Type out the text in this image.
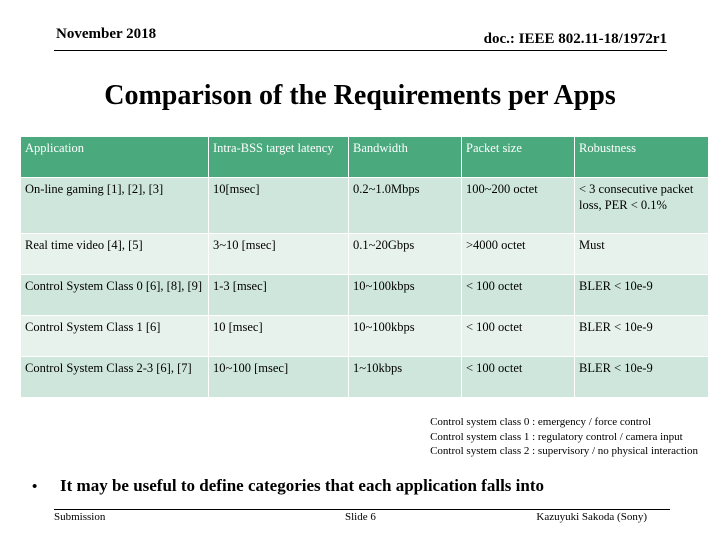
November 2018	doc.: IEEE 802.11-18/1972r1
Comparison of the Requirements per Apps
Application	Intra-BSS target latency	Bandwidth	Packet size	Robustness
On-line gaming [1], [2], [3]	10[msec]	0.2~1.0Mbps	100~200 octet	< 3 consecutive packet loss, PER < 0.1%
Real time video [4], [5]	3~10 [msec]	0.1~20Gbps	>4000 octet	Must
Control System Class 0 [6], [8], [9]	1-3 [msec]	10~100kbps	< 100 octet	BLER < 10e-9
Control System Class 1 [6]	10 [msec]	10~100kbps	< 100 octet	BLER < 10e-9
Control System Class 2-3 [6], [7]	10~100 [msec]	1~10kbps	< 100 octet	BLER < 10e-9
Control system class 0 : emergency / force control
Control system class 1 : regulatory control / camera input
Control system class 2 : supervisory / no physical interaction
• It may be useful to define categories that each application falls into
Submission	Slide 6	Kazuyuki Sakoda (Sony)
